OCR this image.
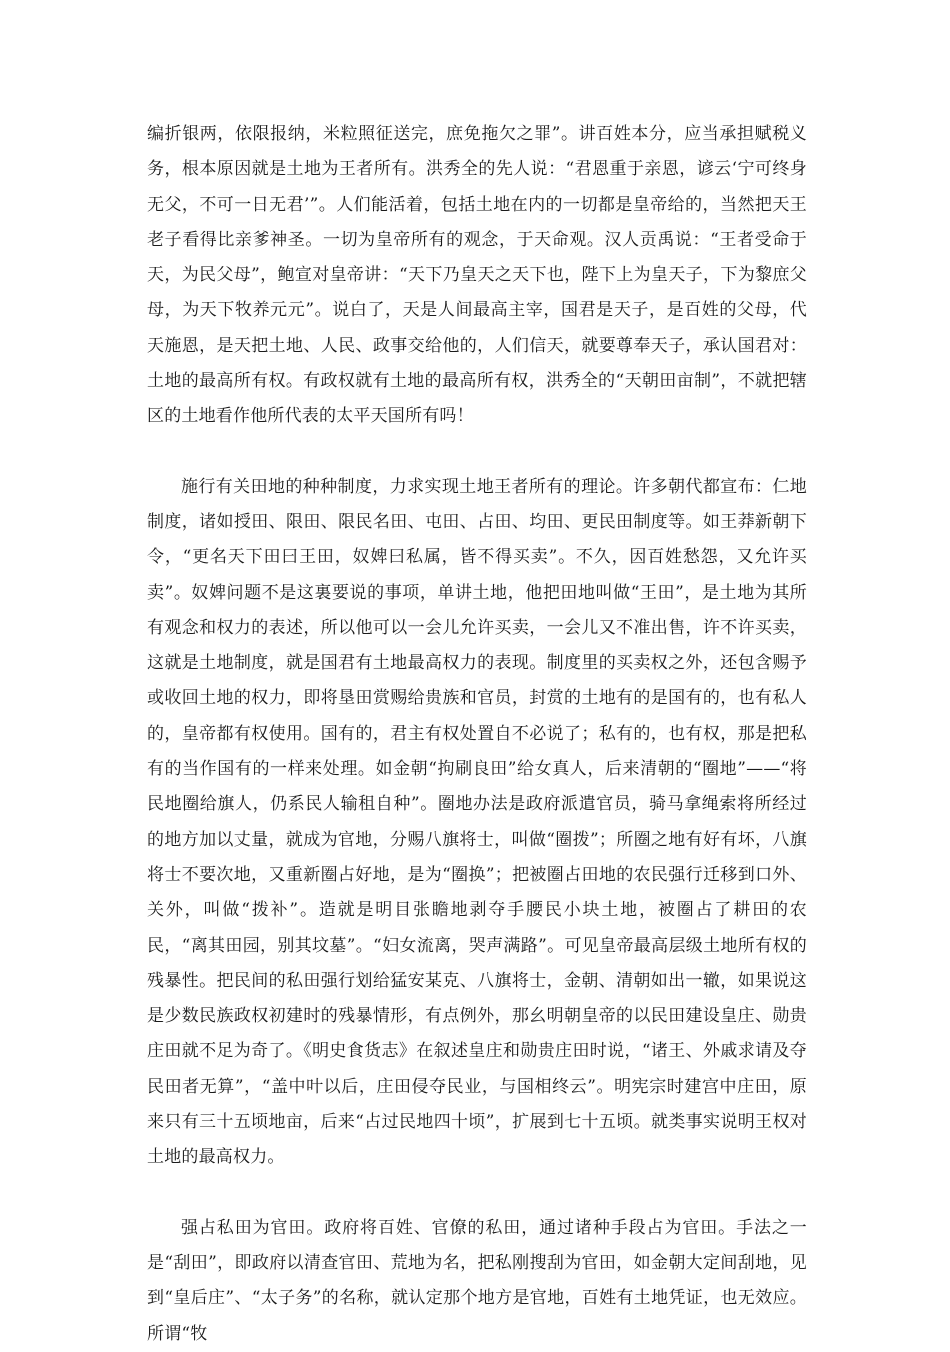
编折银两，依限报纳，米粒照征送完，庶免拖欠之罪”。讲百姓本分，应当承担赋税义务，根本原因就是土地为王者所有。洪秀全的先人说：“君恩重于亲恩，谚云‘宁可终身无父，不可一日无君’”。人们能活着，包括土地在内的一切都是皇帝给的，当然把天王老子看得比亲爹神圣。一切为皇帝所有的观念，于天命观。汉人贡禹说：“王者受命于天，为民父母”，鲍宣对皇帝讲：“天下乃皇天之天下也，陛下上为皇天子，下为黎庶父母，为天下牧养元元”。说白了，天是人间最高主宰，国君是天子，是百姓的父母，代天施恩，是天把土地、人民、政事交给他的，人们信天，就要尊奉天子，承认国君对：土地的最高所有权。有政权就有土地的最高所有权，洪秀全的“天朝田亩制”，不就把辖区的土地看作他所代表的太平天国所有吗！

施行有关田地的种种制度，力求实现土地王者所有的理论。许多朝代都宣布：仁地制度，诸如授田、限田、限民名田、屯田、占田、均田、更民田制度等。如王莽新朝下令，“更名天下田曰王田，奴婢曰私属，皆不得买卖”。不久，因百姓愁怨，又允许买卖”。奴婢问题不是这裏要说的事项，单讲土地，他把田地叫做“王田”，是土地为其所有观念和权力的表述，所以他可以一会儿允许买卖，一会儿又不准出售，许不许买卖，这就是土地制度，就是国君有土地最高权力的表现。制度里的买卖权之外，还包含赐予或收回土地的权力，即将垦田赏赐给贵族和官员，封赏的土地有的是国有的，也有私人的，皇帝都有权使用。国有的，君主有权处置自不必说了；私有的，也有权，那是把私有的当作国有的一样来处理。如金朝“拘刷良田”给女真人，后来清朝的“圈地”——“将民地圈给旗人，仍系民人输租自种”。圈地办法是政府派遣官员，骑马拿绳索将所经过的地方加以丈量，就成为官地，分赐八旗将士，叫做“圈拨”；所圈之地有好有坏，八旗将士不要次地，又重新圈占好地，是为“圈换”；把被圈占田地的农民强行迁移到口外、关外，叫做“拨补”。造就是明目张瞻地剥夺手腰民小块土地，被圈占了耕田的农民，“离其田园，别其坟墓”。“妇女流离，哭声满路”。可见皇帝最高层级土地所有权的残暴性。把民间的私田强行划给猛安某克、八旗将士，金朝、清朝如出一辙，如果说这是少数民族政权初建时的残暴情形，有点例外，那幺明朝皇帝的以民田建设皇庄、勋贵庄田就不足为奇了。《明史食货志》在叙述皇庄和勋贵庄田时说，“诸王、外戚求请及夺民田者无算”，“盖中叶以后，庄田侵夺民业，与国相终云”。明宪宗时建宫中庄田，原来只有三十五顷地亩，后来“占过民地四十顷”，扩展到七十五顷。就类事实说明王权对土地的最高权力。

强占私田为官田。政府将百姓、官僚的私田，通过诸种手段占为官田。手法之一是“刮田”，即政府以清查官田、荒地为名，把私刚搜刮为官田，如金朝大定间刮地，见到“皇后庄”、“太子务”的名称，就认定那个地方是官地，百姓有土地凭证，也无效应。所谓“牧
